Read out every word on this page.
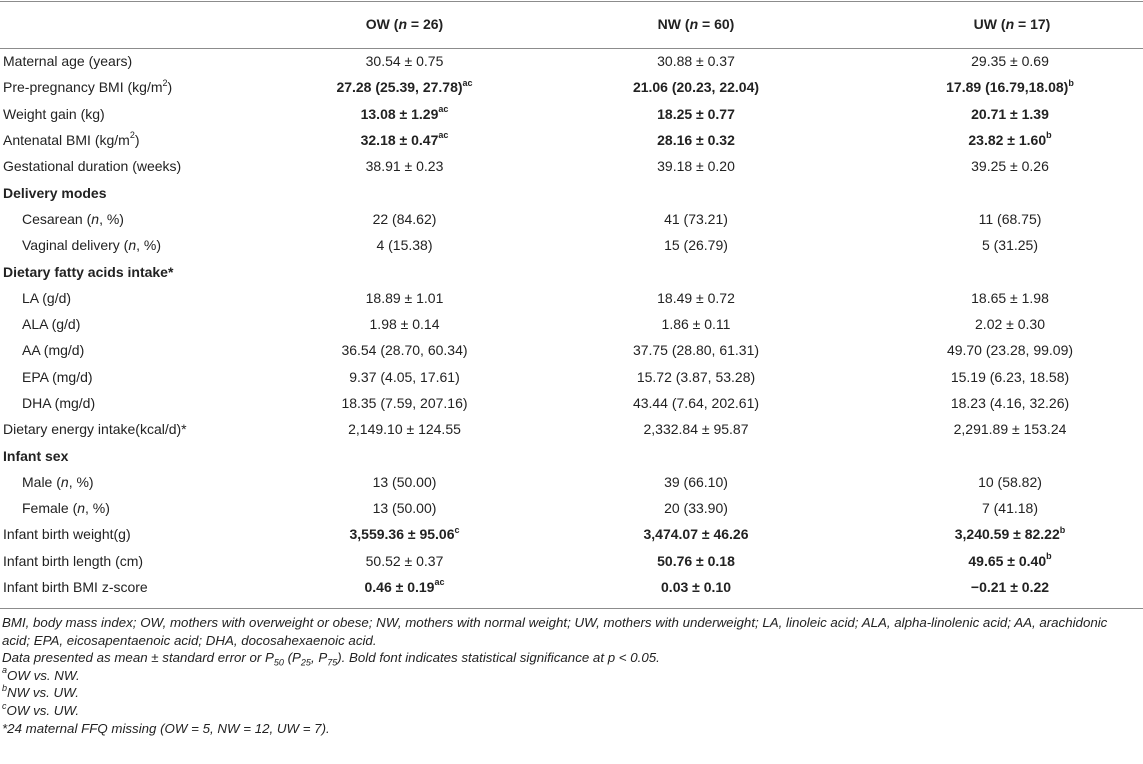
	OW (n = 26)	NW (n = 60)	UW (n = 17)
Maternal age (years)	30.54 ± 0.75	30.88 ± 0.37	29.35 ± 0.69
Pre-pregnancy BMI $(kg/m^2)$	27.28 (25.39, 27.78)$^{ac}$	21.06 (20.23, 22.04)	17.89 $(16.79,18.08)^b$
Weight gain (kg)	13.08 ± 1.29$^{ac}$	18.25 ± 0.77	20.71 ± 1.39
Antenatal BMI $(kg/m^2)$	32.18 ± 0.47$^{ac}$	28.16 ± 0.32	23.82 ± 1.60$^b$
Gestational duration (weeks)	38.91 ± 0.23	39.18 ± 0.20	39.25 ± 0.26
Delivery modes			
Cesarean (n, %)	22 (84.62)	41 (73.21)	11 (68.75)
Vaginal delivery (n, %)	4 (15.38)	15 (26.79)	5 (31.25)
Dietary fatty acids intake*			
LA (g/d)	18.89 ± 1.01	18.49 ± 0.72	18.65 ± 1.98
ALA (g/d)	1.98 ± 0.14	1.86 ± 0.11	2.02 ± 0.30
AA (mg/d)	36.54 (28.70, 60.34)	37.75 (28.80, 61.31)	49.70 (23.28, 99.09)
EPA (mg/d)	9.37 (4.05, 17.61)	15.72 (3.87, 53.28)	15.19 (6.23, 18.58)
DHA (mg/d)	18.35 (7.59, 207.16)	43.44 (7.64, 202.61)	18.23 (4.16, 32.26)
Dietary energy intake(kcal/d)*	2,149.10 ± 124.55	2,332.84 ± 95.87	2,291.89 ± 153.24
Infant sex			
Male (n, %)	13 (50.00)	39 (66.10)	10 (58.82)
Female (n, %)	13 (50.00)	20 (33.90)	7 (41.18)
Infant birth weight(g)	3,559.36 ± 95.06$^c$	3,474.07 ± 46.26	3,240.59 ± 82.22$^b$
Infant birth length (cm)	50.52 ± 0.37	50.76 ± 0.18	49.65 ± 0.40$^b$
Infant birth BMI z-score	0.46 ± 0.19$^{ac}$	0.03 ± 0.10	−0.21 ± 0.22
BMI, body mass index; OW, mothers with overweight or obese; NW, mothers with normal weight; UW, mothers with underweight; LA, linoleic acid; ALA, alpha-linolenic acid; AA, arachidonic acid; EPA, eicosapentaenoic acid; DHA, docosahexaenoic acid.
Data presented as mean ± standard error or $P_{50}$ ($P_{25}$, $P_{75}$). Bold font indicates statistical significance at p < 0.05.
$^a$OW vs. NW.
$^b$NW vs. UW.
$^c$OW vs. UW.
*24 maternal FFQ missing (OW = 5, NW = 12, UW = 7).
